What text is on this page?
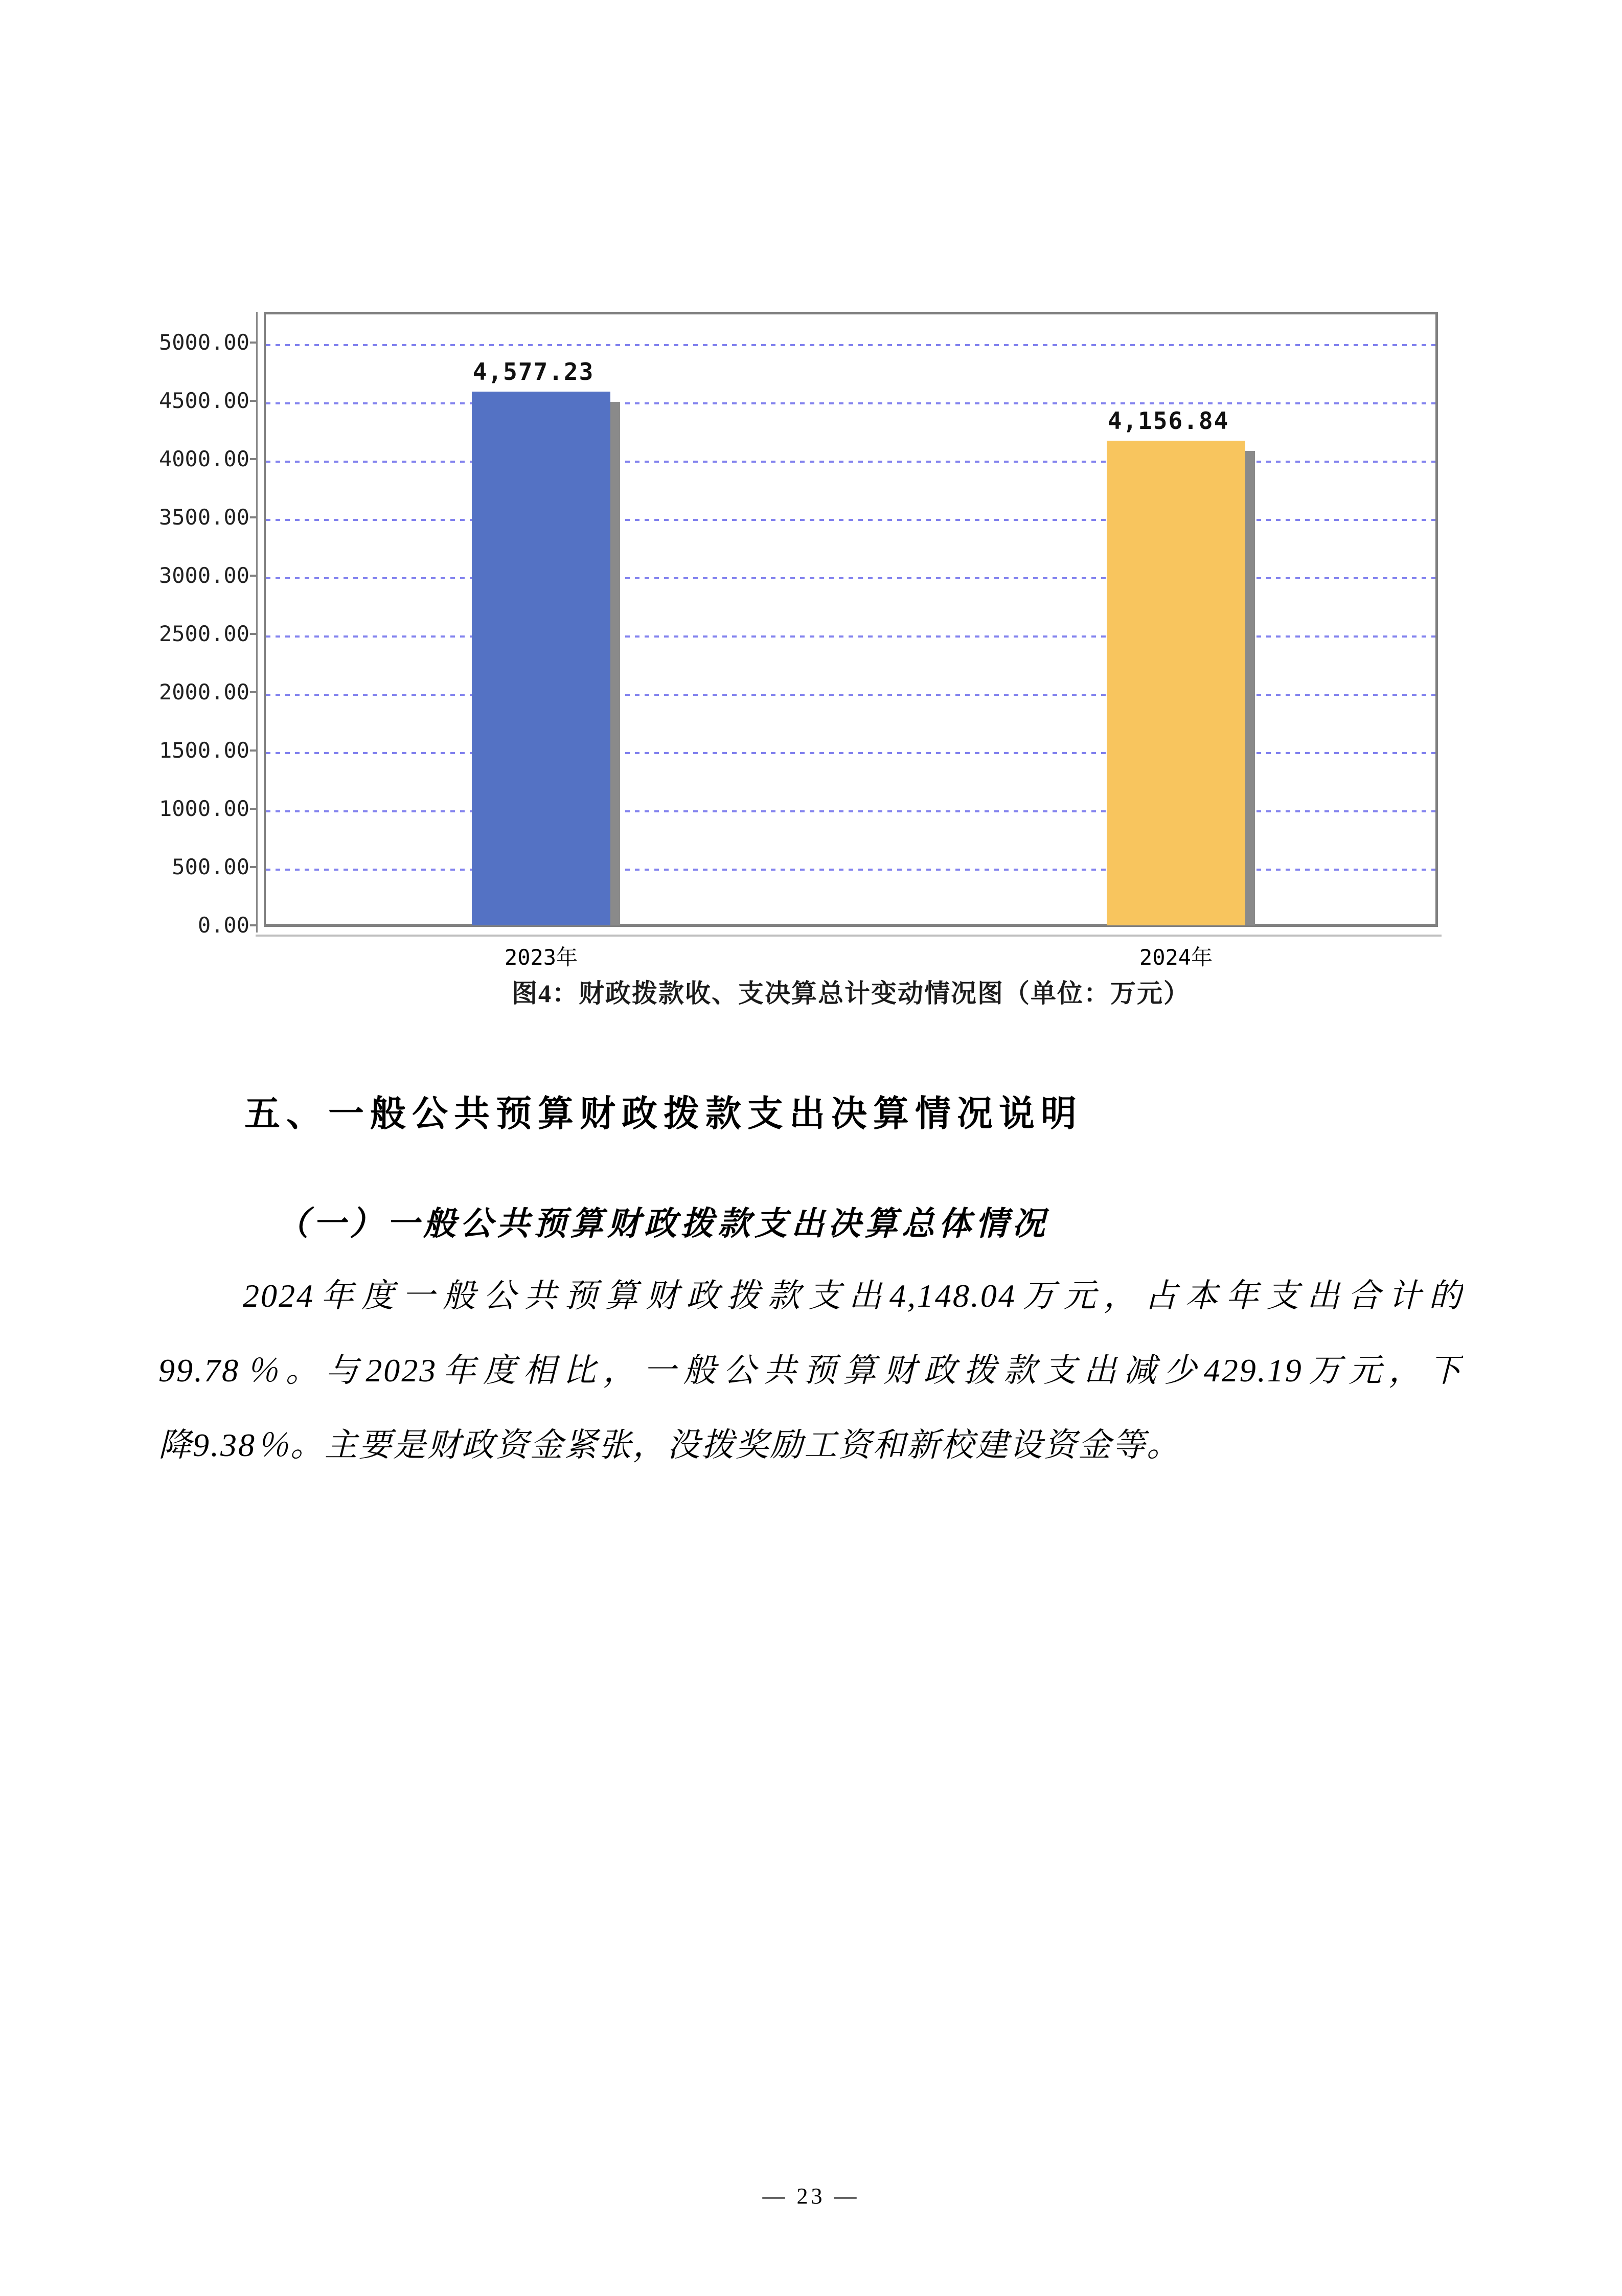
图4：财政拨款收、支决算总计变动情况图（单位：万元）
五、一般公共预算财政拨款支出决算情况说明
（一）一般公共预算财政拨款支出决算总体情况
2024年度一般公共预算财政拨款支出4,148.04万元，占本年支出合计的
99.78％。与2023年度相比，一般公共预算财政拨款支出减少429.19万元，下
降9.38％。主要是财政资金紧张，没拨奖励工资和新校建设资金等。
— 23 —
0.00
500.00
1000.00
1500.00
2000.00
2500.00
3000.00
3500.00
4000.00
4500.00
5000.00
4,577.23
2023年
4,156.84
2024年
